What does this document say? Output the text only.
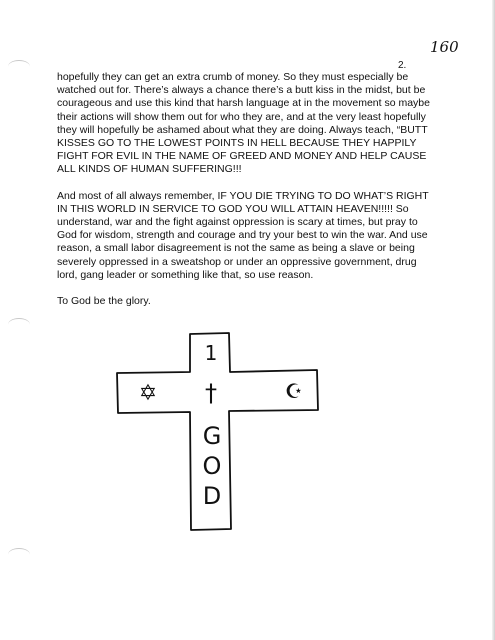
160
2.

hopefully they can get an extra crumb of money. So they must especially be watched out for. There’s always a chance there’s a butt kiss in the midst, but be courageous and use this kind that harsh language at in the movement so maybe their actions will show them out for who they are, and at the very least hopefully they will hopefully be ashamed about what they are doing. Always teach, “BUTT KISSES GO TO THE LOWEST POINTS IN HELL BECAUSE THEY HAPPILY FIGHT FOR EVIL IN THE NAME OF GREED AND MONEY AND HELP CAUSE ALL KINDS OF HUMAN SUFFERING!!!

And most of all always remember, IF YOU DIE TRYING TO DO WHAT’S RIGHT IN THIS WORLD IN SERVICE TO GOD YOU WILL ATTAIN HEAVEN!!!!! So understand, war and the fight against oppression is scary at times, but pray to God for wisdom, strength and courage and try your best to win the war. And use reason, a small labor disagreement is not the same as being a slave or being severely oppressed in a sweatshop or under an oppressive government, drug lord, gang leader or something like that, so use reason.

To God be the glory.

1
†
✡	☪
G
O
D
